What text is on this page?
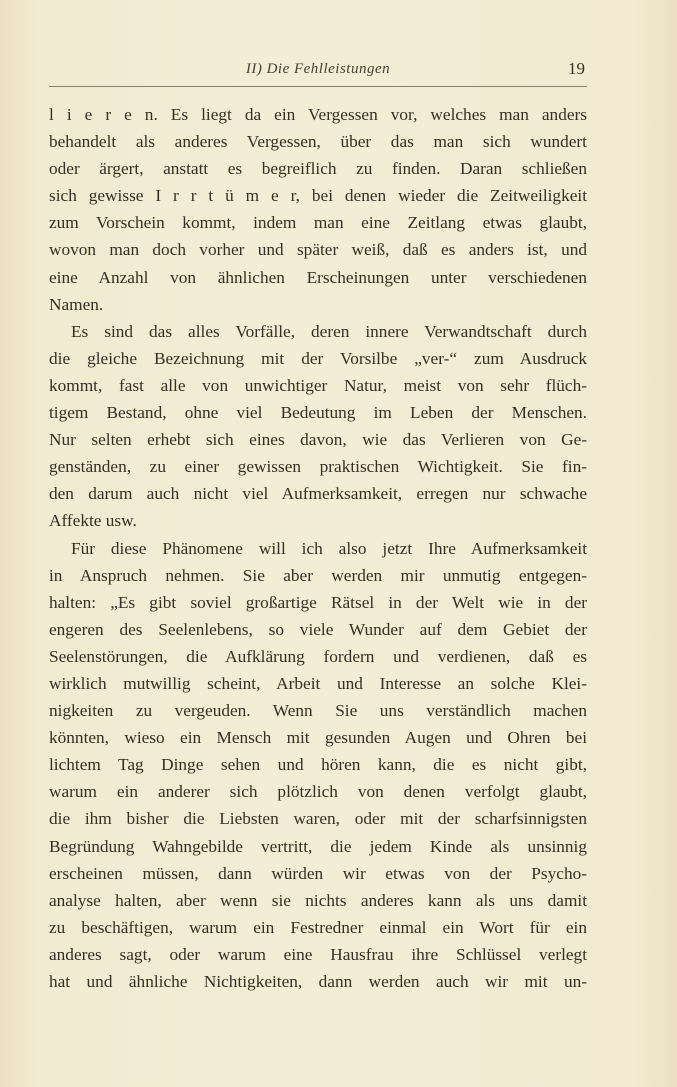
II) Die Fehlleistungen	19
l i e r e n. Es liegt da ein Vergessen vor, welches man anders
behandelt als anderes Vergessen, über das man sich wundert
oder ärgert, anstatt es begreiflich zu finden. Daran schließen
sich gewisse I r r t ü m e r, bei denen wieder die Zeitweiligkeit
zum Vorschein kommt, indem man eine Zeitlang etwas glaubt,
wovon man doch vorher und später weiß, daß es anders ist, und
eine Anzahl von ähnlichen Erscheinungen unter verschiedenen
Namen.
Es sind das alles Vorfälle, deren innere Verwandtschaft durch
die gleiche Bezeichnung mit der Vorsilbe „ver-“ zum Ausdruck
kommt, fast alle von unwichtiger Natur, meist von sehr flüch-
tigem Bestand, ohne viel Bedeutung im Leben der Menschen.
Nur selten erhebt sich eines davon, wie das Verlieren von Ge-
genständen, zu einer gewissen praktischen Wichtigkeit. Sie fin-
den darum auch nicht viel Aufmerksamkeit, erregen nur schwache
Affekte usw.
Für diese Phänomene will ich also jetzt Ihre Aufmerksamkeit
in Anspruch nehmen. Sie aber werden mir unmutig entgegen-
halten: „Es gibt soviel großartige Rätsel in der Welt wie in der
engeren des Seelenlebens, so viele Wunder auf dem Gebiet der
Seelenstörungen, die Aufklärung fordern und verdienen, daß es
wirklich mutwillig scheint, Arbeit und Interesse an solche Klei-
nigkeiten zu vergeuden. Wenn Sie uns verständlich machen
könnten, wieso ein Mensch mit gesunden Augen und Ohren bei
lichtem Tag Dinge sehen und hören kann, die es nicht gibt,
warum ein anderer sich plötzlich von denen verfolgt glaubt,
die ihm bisher die Liebsten waren, oder mit der scharfsinnigsten
Begründung Wahngebilde vertritt, die jedem Kinde als unsinnig
erscheinen müssen, dann würden wir etwas von der Psycho-
analyse halten, aber wenn sie nichts anderes kann als uns damit
zu beschäftigen, warum ein Festredner einmal ein Wort für ein
anderes sagt, oder warum eine Hausfrau ihre Schlüssel verlegt
hat und ähnliche Nichtigkeiten, dann werden auch wir mit un-
